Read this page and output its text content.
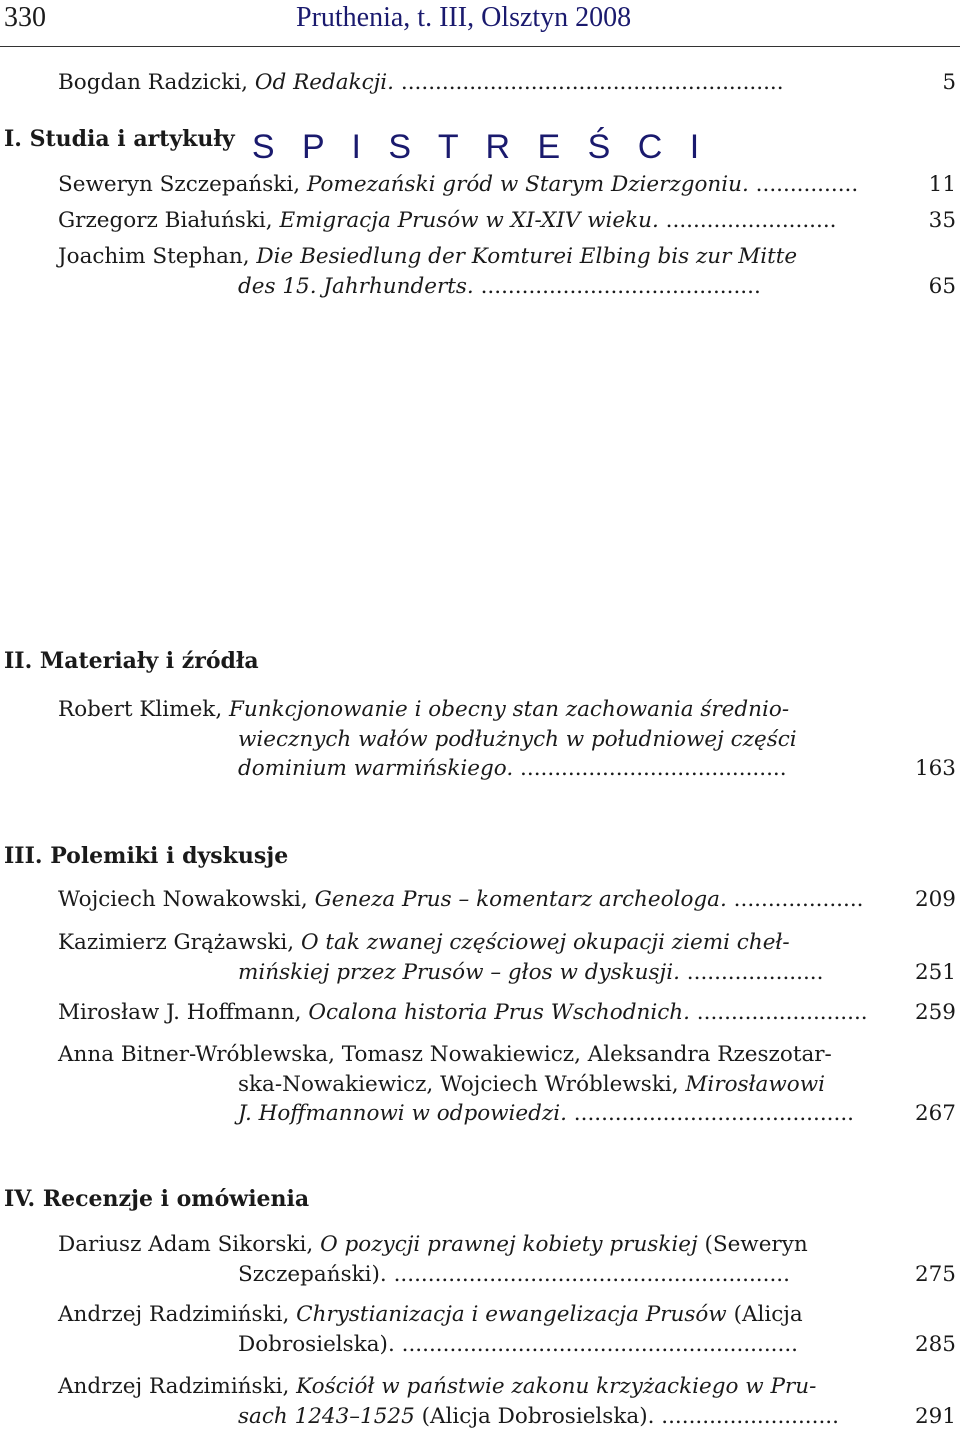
330	Pruthenia, t. III, Olsztyn 2008
S P I S T R E Ś C I
Bogdan Radzicki, Od Redakcji. ........................................................	5
I. Studia i artykuły
Seweryn Szczepański, Pomezański gród w Starym Dzierzgoniu. ...............	11
Grzegorz Białuński, Emigracja Prusów w XI-XIV wieku. .........................	35
Joachim Stephan, Die Besiedlung der Komturei Elbing bis zur Mitte
des 15. Jahrhunderts. .........................................	65
II. Materiały i źródła
Robert Klimek, Funkcjonowanie i obecny stan zachowania średnio-
wiecznych wałów podłużnych w południowej części
dominium warmińskiego. .......................................	163
III. Polemiki i dyskusje
Wojciech Nowakowski, Geneza Prus – komentarz archeologa. ................... 209
Kazimierz Grążawski, O tak zwanej częściowej okupacji ziemi cheł-
mińskiej przez Prusów – głos w dyskusji. ....................	251
Mirosław J. Hoffmann, Ocalona historia Prus Wschodnich. ......................... 259
Anna Bitner-Wróblewska, Tomasz Nowakiewicz, Aleksandra Rzeszotar-
ska-Nowakiewicz, Wojciech Wróblewski, Mirosławowi
J. Hoffmannowi w odpowiedzi. .........................................	267
IV. Recenzje i omówienia
Dariusz Adam Sikorski, O pozycji prawnej kobiety pruskiej (Seweryn
Szczepański). ..........................................................	275
Andrzej Radzimiński, Chrystianizacja i ewangelizacja Prusów (Alicja
Dobrosielska). ..........................................................	285
Andrzej Radzimiński, Kościół w państwie zakonu krzyżackiego w Pru-
sach 1243–1525 (Alicja Dobrosielska). ..........................	291
